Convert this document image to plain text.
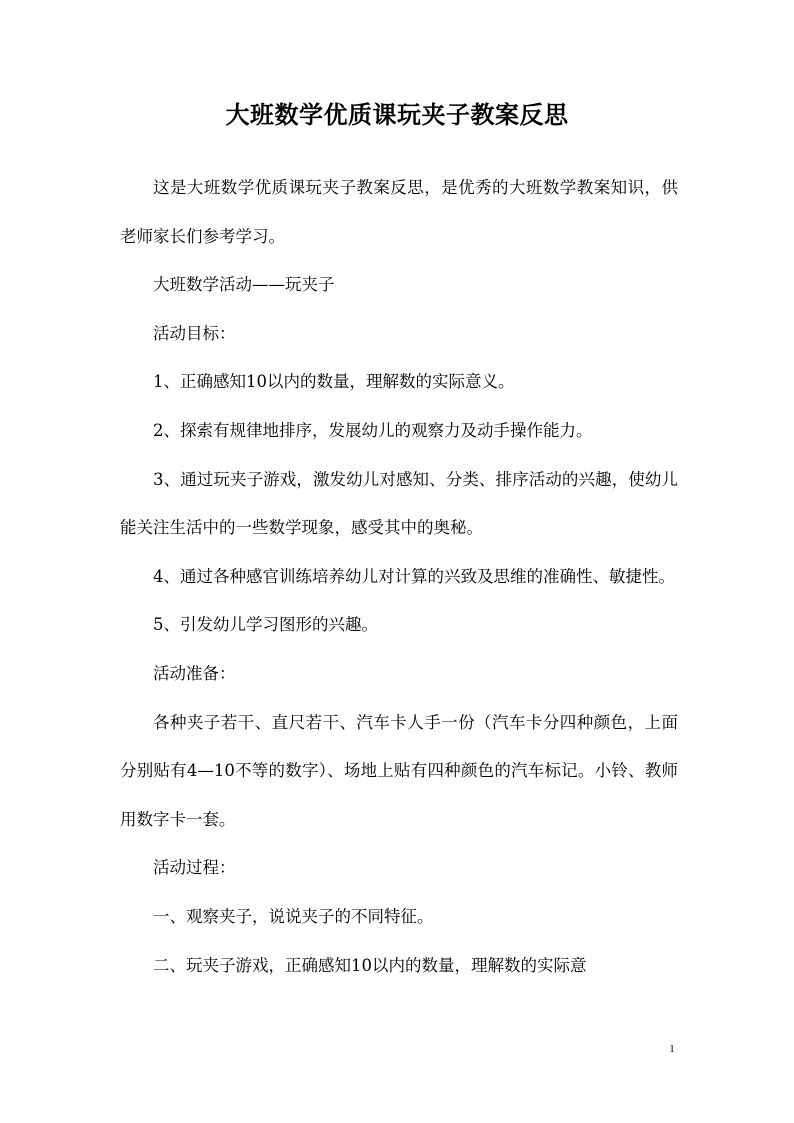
大班数学优质课玩夹子教案反思

这是大班数学优质课玩夹子教案反思，是优秀的大班数学教案知识，供老师家长们参考学习。

大班数学活动——玩夹子

活动目标：

1、正确感知10以内的数量，理解数的实际意义。

2、探索有规律地排序，发展幼儿的观察力及动手操作能力。

3、通过玩夹子游戏，激发幼儿对感知、分类、排序活动的兴趣，使幼儿能关注生活中的一些数学现象，感受其中的奥秘。

4、通过各种感官训练培养幼儿对计算的兴致及思维的准确性、敏捷性。

5、引发幼儿学习图形的兴趣。

活动准备：

各种夹子若干、直尺若干、汽车卡人手一份（汽车卡分四种颜色，上面分别贴有4—10不等的数字）、场地上贴有四种颜色的汽车标记。小铃、教师用数字卡一套。

活动过程：

一、观察夹子，说说夹子的不同特征。

二、玩夹子游戏，正确感知10以内的数量，理解数的实际意

1
